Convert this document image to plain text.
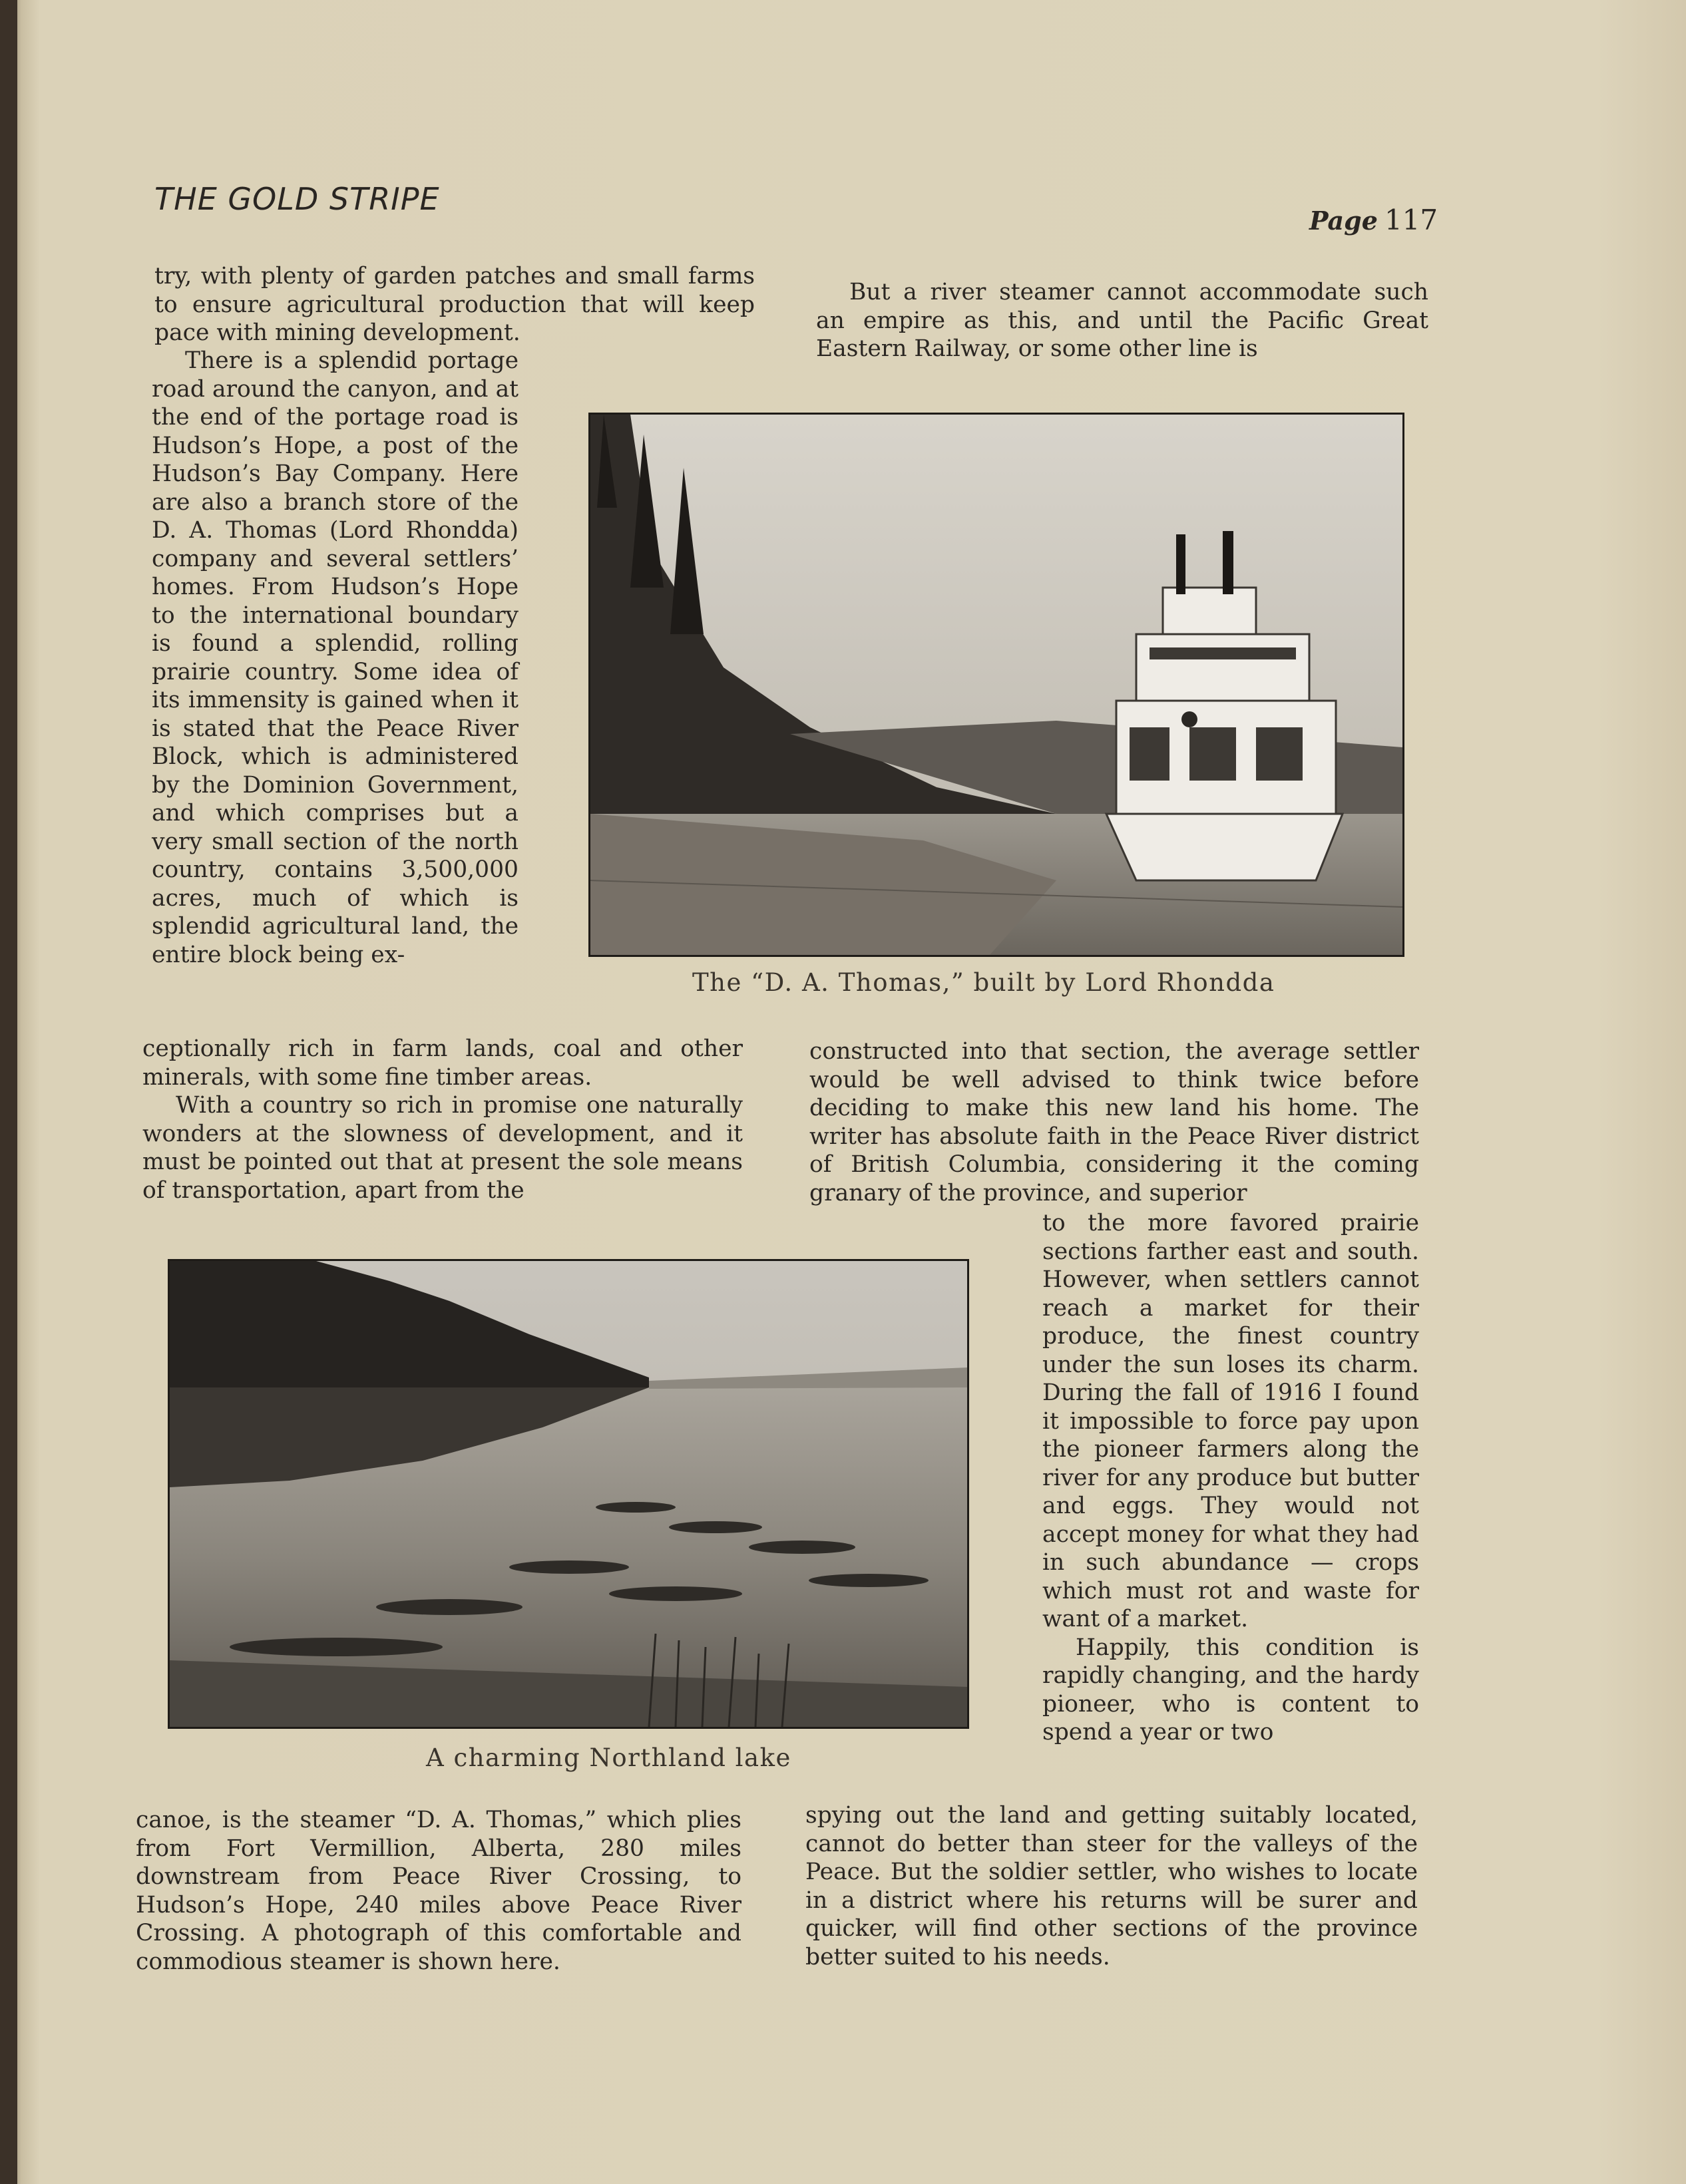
THE GOLD STRIPE
Page 117

try, with plenty of garden patches and small farms to ensure agricultural production that will keep pace with mining development.

There is a splendid portage road around the canyon, and at the end of the portage road is Hudson’s Hope, a post of the Hudson’s Bay Company. Here are also a branch store of the D. A. Thomas (Lord Rhondda) company and several settlers’ homes. From Hudson’s Hope to the international boundary is found a splendid, rolling prairie country. Some idea of its immensity is gained when it is stated that the Peace River Block, which is administered by the Dominion Government, and which comprises but a very small section of the north country, contains 3,500,000 acres, much of which is splendid agricultural land, the entire block being ex-

ceptionally rich in farm lands, coal and other minerals, with some fine timber areas.

With a country so rich in promise one naturally wonders at the slowness of development, and it must be pointed out that at present the sole means of transportation, apart from the

canoe, is the steamer “D. A. Thomas,” which plies from Fort Vermillion, Alberta, 280 miles downstream from Peace River Crossing, to Hudson’s Hope, 240 miles above Peace River Crossing. A photograph of this comfortable and commodious steamer is shown here.

But a river steamer cannot accommodate such an empire as this, and until the Pacific Great Eastern Railway, or some other line is

The “D. A. Thomas,” built by Lord Rhondda

constructed into that section, the average settler would be well advised to think twice before deciding to make this new land his home. The writer has absolute faith in the Peace River district of British Columbia, considering it the coming granary of the province, and superior

to the more favored prairie sections farther east and south. However, when settlers cannot reach a market for their produce, the finest country under the sun loses its charm. During the fall of 1916 I found it impossible to force pay upon the pioneer farmers along the river for any produce but butter and eggs. They would not accept money for what they had in such abundance — crops which must rot and waste for want of a market.

Happily, this condition is rapidly changing, and the hardy pioneer, who is content to spend a year or two

spying out the land and getting suitably located, cannot do better than steer for the valleys of the Peace. But the soldier settler, who wishes to locate in a district where his returns will be surer and quicker, will find other sections of the province better suited to his needs.

A charming Northland lake
